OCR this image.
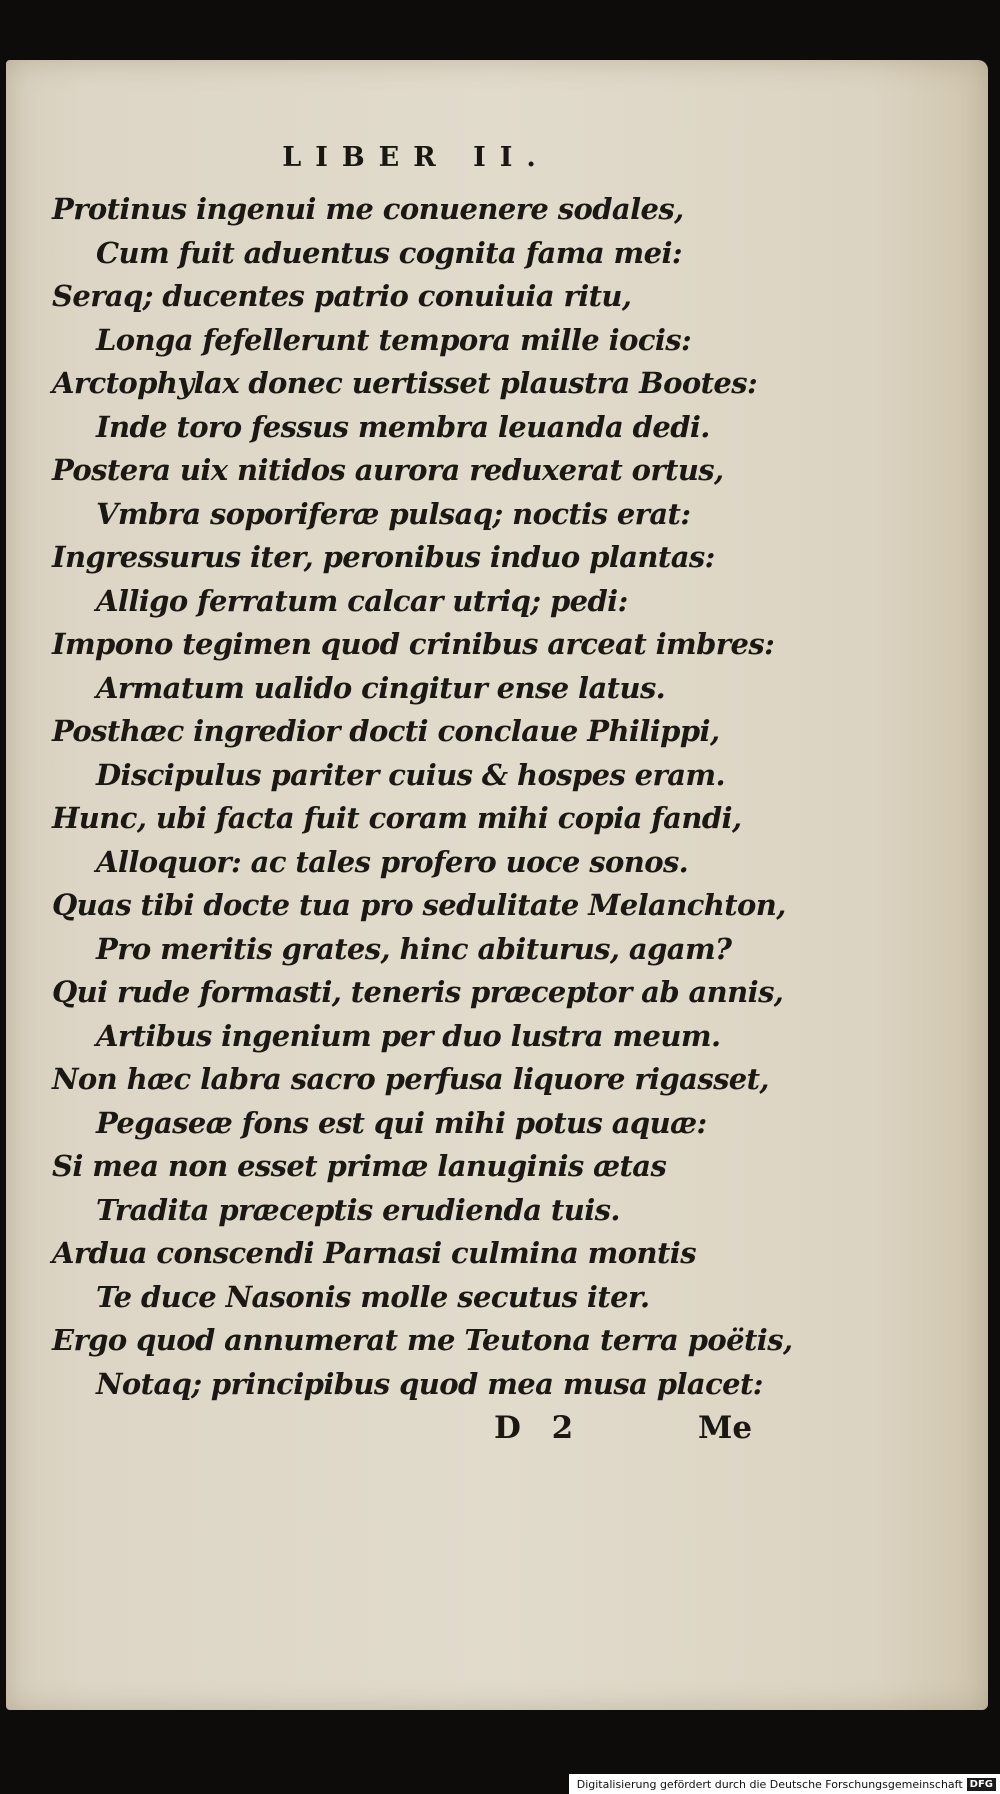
LIBER II.
Protinus ingenui me conuenere sodales,
Cum fuit aduentus cognita fama mei:
Seraq; ducentes patrio conuiuia ritu,
Longa fefellerunt tempora mille iocis:
Arctophylax donec uertisset plaustra Bootes:
Inde toro fessus membra leuanda dedi.
Postera uix nitidos aurora reduxerat ortus,
Vmbra soporiferæ pulsaq; noctis erat:
Ingressurus iter, peronibus induo plantas:
Alligo ferratum calcar utriq; pedi:
Impono tegimen quod crinibus arceat imbres:
Armatum ualido cingitur ense latus.
Posthæc ingredior docti conclaue Philippi,
Discipulus pariter cuius & hospes eram.
Hunc, ubi facta fuit coram mihi copia fandi,
Alloquor: ac tales profero uoce sonos.
Quas tibi docte tua pro sedulitate Melanchton,
Pro meritis grates, hinc abiturus, agam?
Qui rude formasti, teneris præceptor ab annis,
Artibus ingenium per duo lustra meum.
Non hæc labra sacro perfusa liquore rigasset,
Pegaseæ fons est qui mihi potus aquæ:
Si mea non esset primæ lanuginis ætas
Tradita præceptis erudienda tuis.
Ardua conscendi Parnasi culmina montis
Te duce Nasonis molle secutus iter.
Ergo quod annumerat me Teutona terra poëtis,
Notaq; principibus quod mea musa placet:
D 2	Me
Digitalisierung gefördert durch die Deutsche Forschungsgemeinschaft DFG
